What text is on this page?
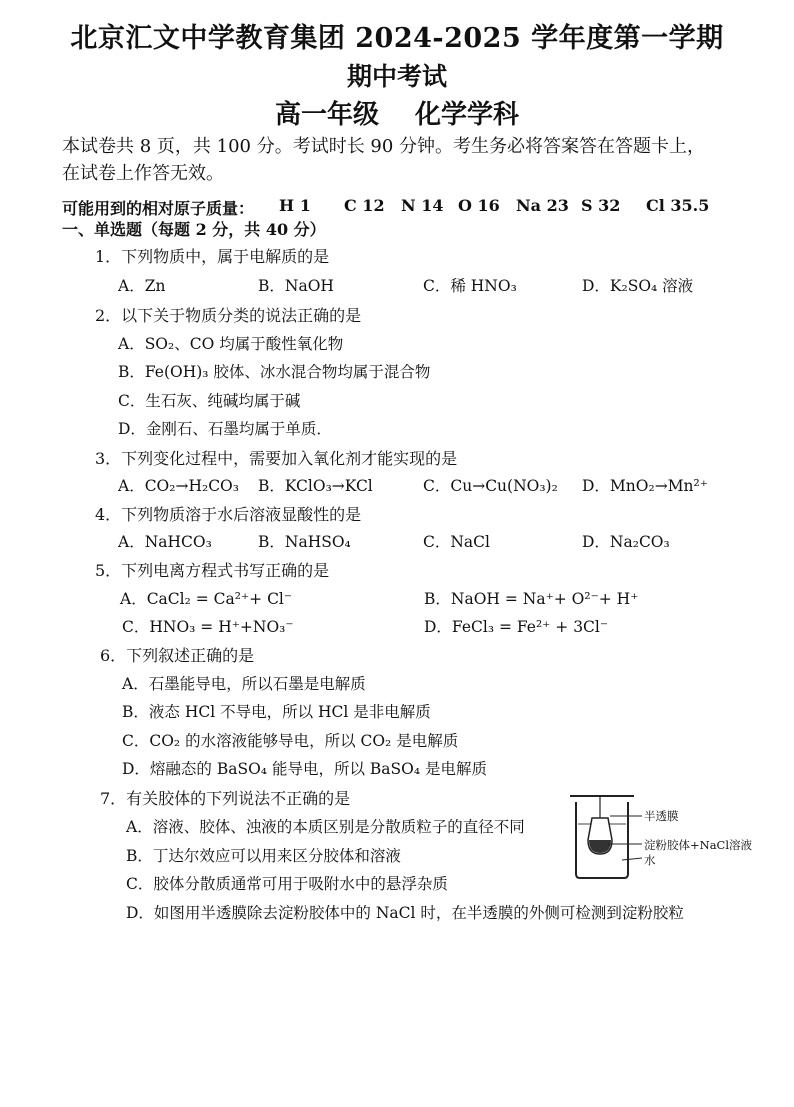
北京汇文中学教育集团 2024-2025 学年度第一学期
期中考试
高一年级 化学学科
本试卷共 8 页，共 100 分。考试时长 90 分钟。考生务必将答案答在答题卡上，
在试卷上作答无效。
可能用到的相对原子质量： H 1 C 12 N 14 O 16 Na 23 S 32 Cl 35.5
一、单选题（每题 2 分，共 40 分）
1．下列物质中，属于电解质的是
A．Zn	B．NaOH	C．稀 HNO₃	D．K₂SO₄ 溶液
2．以下关于物质分类的说法正确的是
A．SO₂、CO 均属于酸性氧化物
B．Fe(OH)₃ 胶体、冰水混合物均属于混合物
C．生石灰、纯碱均属于碱
D．金刚石、石墨均属于单质．
3．下列变化过程中，需要加入氧化剂才能实现的是
A．CO₂→H₂CO₃ B．KClO₃→KCl	C．Cu→Cu(NO₃)₂ D．MnO₂→Mn²⁺
4．下列物质溶于水后溶液显酸性的是
A．NaHCO₃	B．NaHSO₄	C．NaCl	D．Na₂CO₃
5．下列电离方程式书写正确的是
A．CaCl₂ = Ca²⁺+ Cl⁻	B．NaOH = Na⁺+ O²⁻+ H⁺
C．HNO₃ = H⁺+NO₃⁻	D．FeCl₃ = Fe²⁺ + 3Cl⁻
6．下列叙述正确的是
A．石墨能导电，所以石墨是电解质
B．液态 HCl 不导电，所以 HCl 是非电解质
C．CO₂ 的水溶液能够导电，所以 CO₂ 是电解质
D．熔融态的 BaSO₄ 能导电，所以 BaSO₄ 是电解质
7．有关胶体的下列说法不正确的是
A．溶液、胶体、浊液的本质区别是分散质粒子的直径不同
B．丁达尔效应可以用来区分胶体和溶液
C．胶体分散质通常可用于吸附水中的悬浮杂质
D．如图用半透膜除去淀粉胶体中的 NaCl 时，在半透膜的外侧可检测到淀粉胶粒
半透膜
淀粉胶体+NaCl溶液
水
